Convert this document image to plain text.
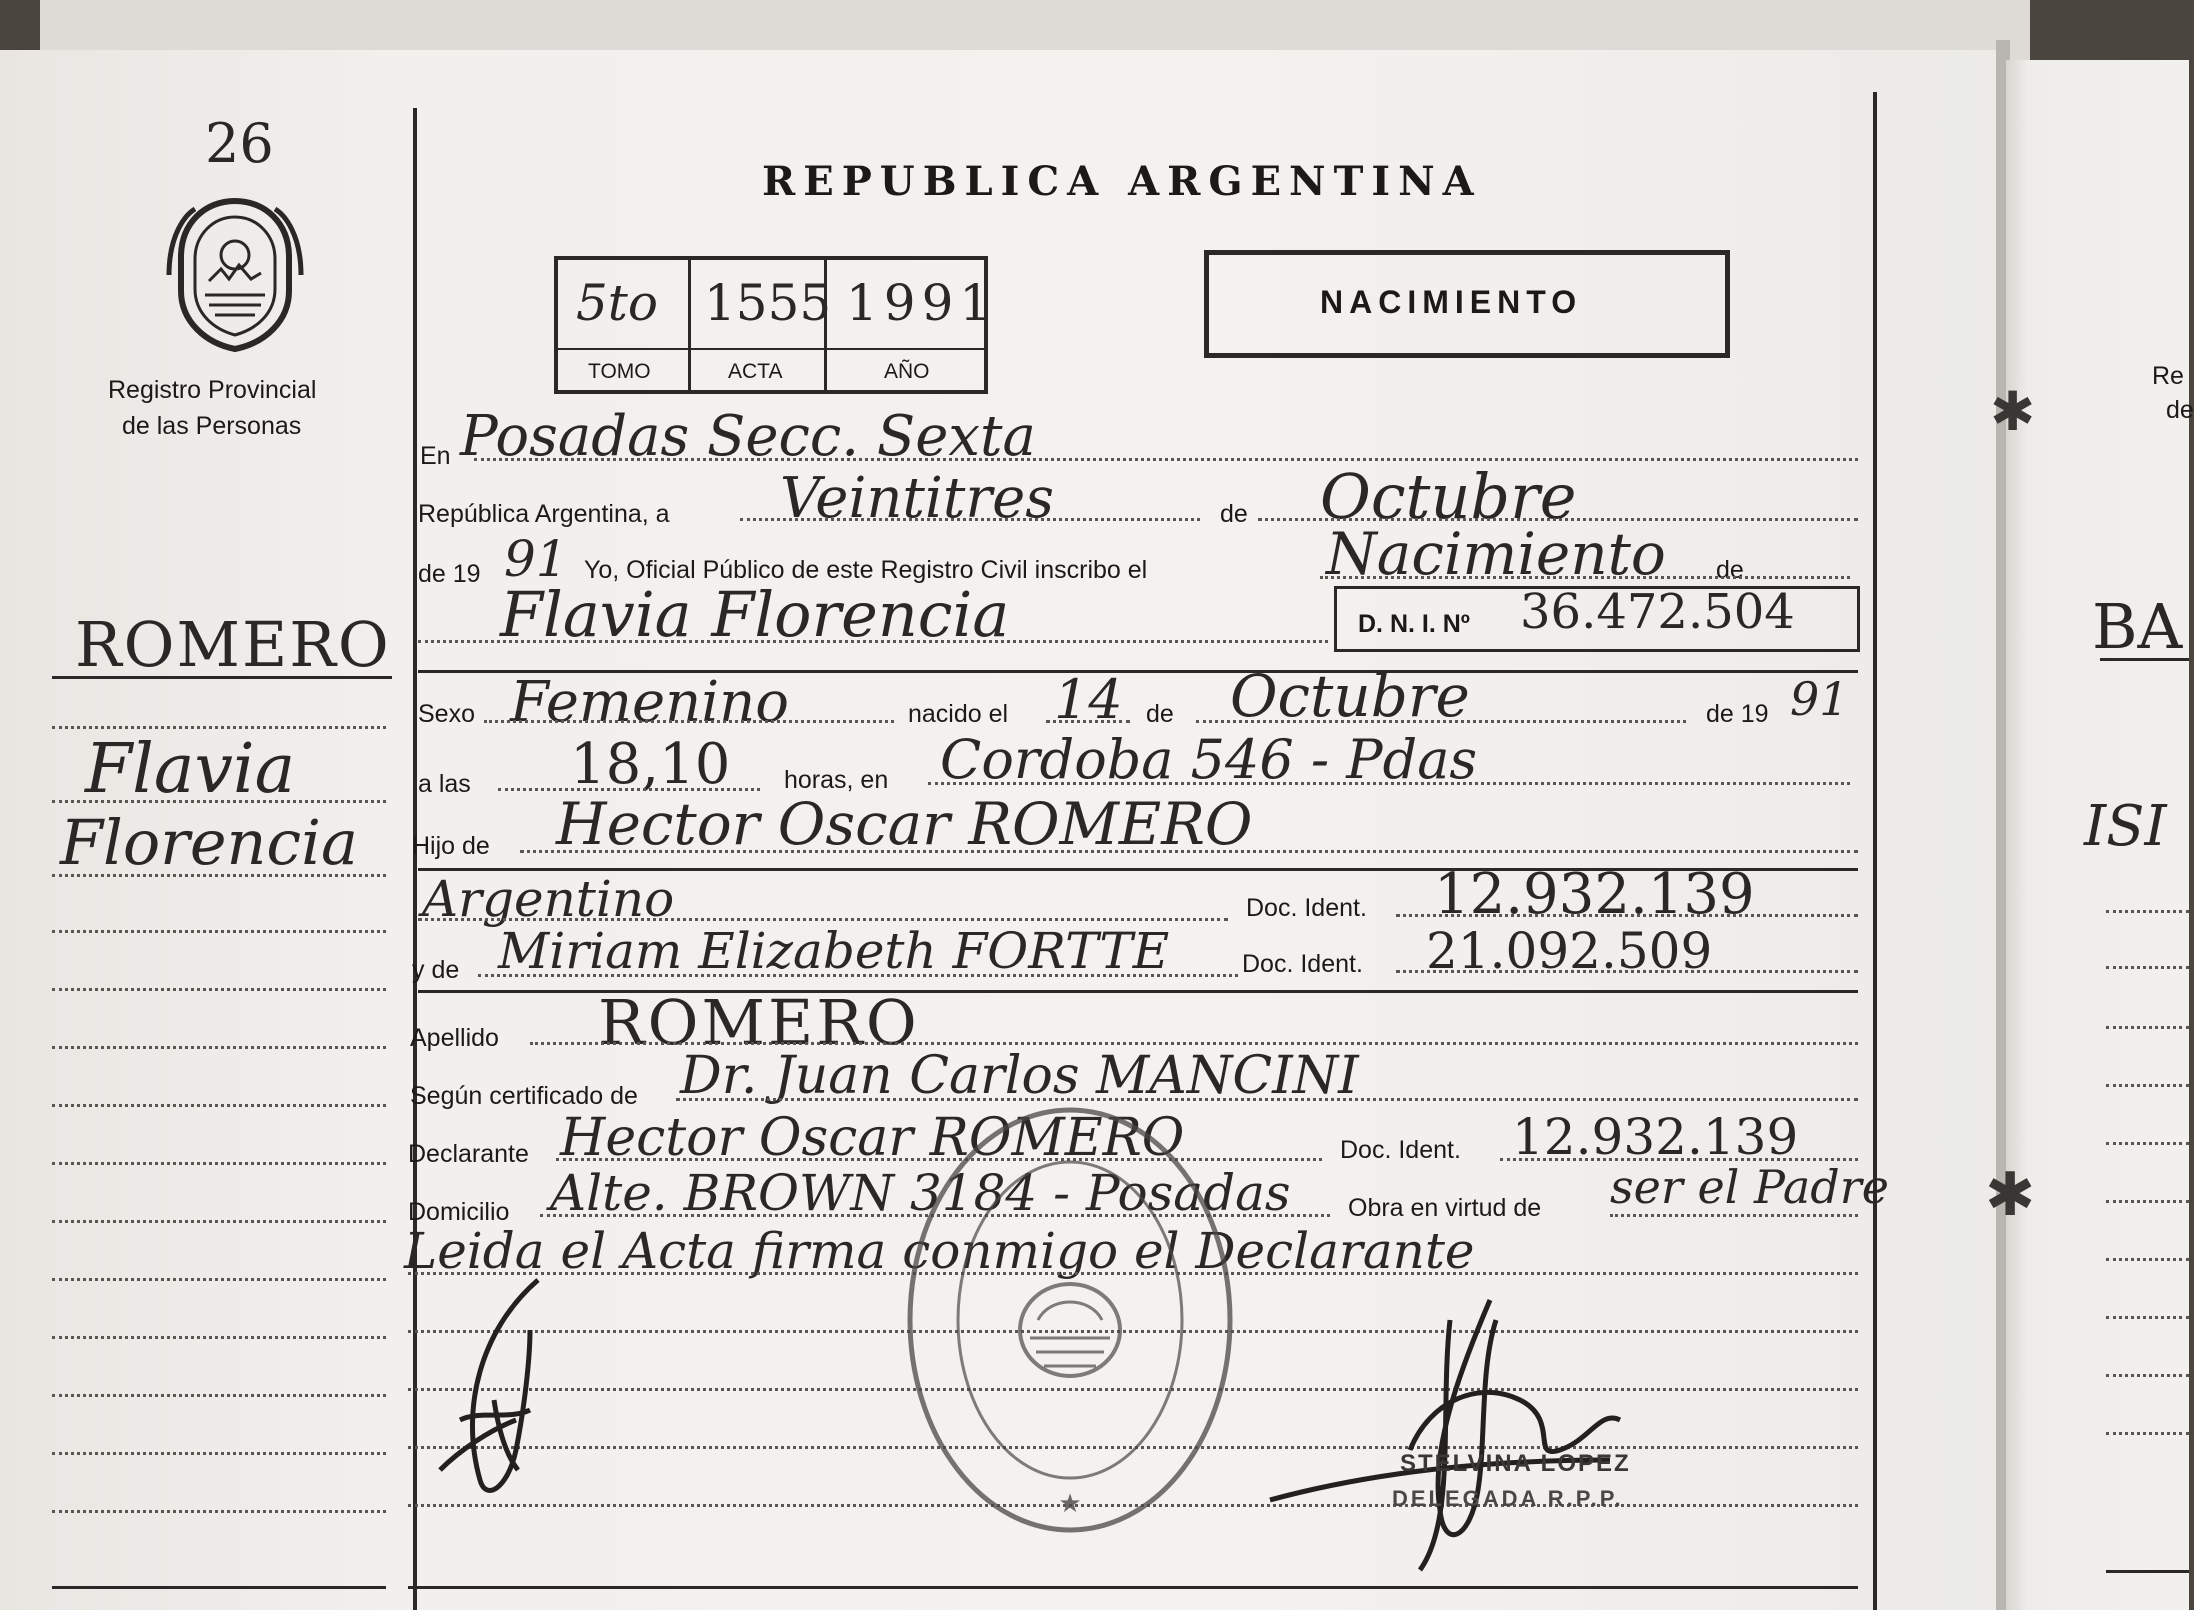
✱
✱
26
Registro Provincial
de las Personas
ROMERO
Flavia
Florencia
REPUBLICA ARGENTINA
5to 1555 1991
TOMO	ACTA	AÑO
NACIMIENTO
En Posadas Secc. Sexta
República Argentina, a Veintitres	de Octubre
de 19 91 Yo, Oficial Público de este Registro Civil inscribo el	Nacimiento de
Flavia Florencia	D. N. I. Nº 36.472.504
Sexo Femenino	nacido el 14 de Octubre	de 19 91
a las 18,10 horas, en Cordoba 546 - Pdas
Hijo de Hector Oscar ROMERO
Argentino	Doc. Ident. 12.932.139
y de Miriam Elizabeth FORTTE	Doc. Ident. 21.092.509
Apellido ROMERO
Según certificado de Dr. Juan Carlos MANCINI
Declarante Hector Oscar ROMERO	Doc. Ident. 12.932.139
Domicilio Alte. BROWN 3184 - Posadas Obra en virtud de ser el Padre
Leida el Acta firma conmigo el Declarante
★
STELVINA LOPEZ
DELEGADA R.P.P.
Re
de
BA
ISI
